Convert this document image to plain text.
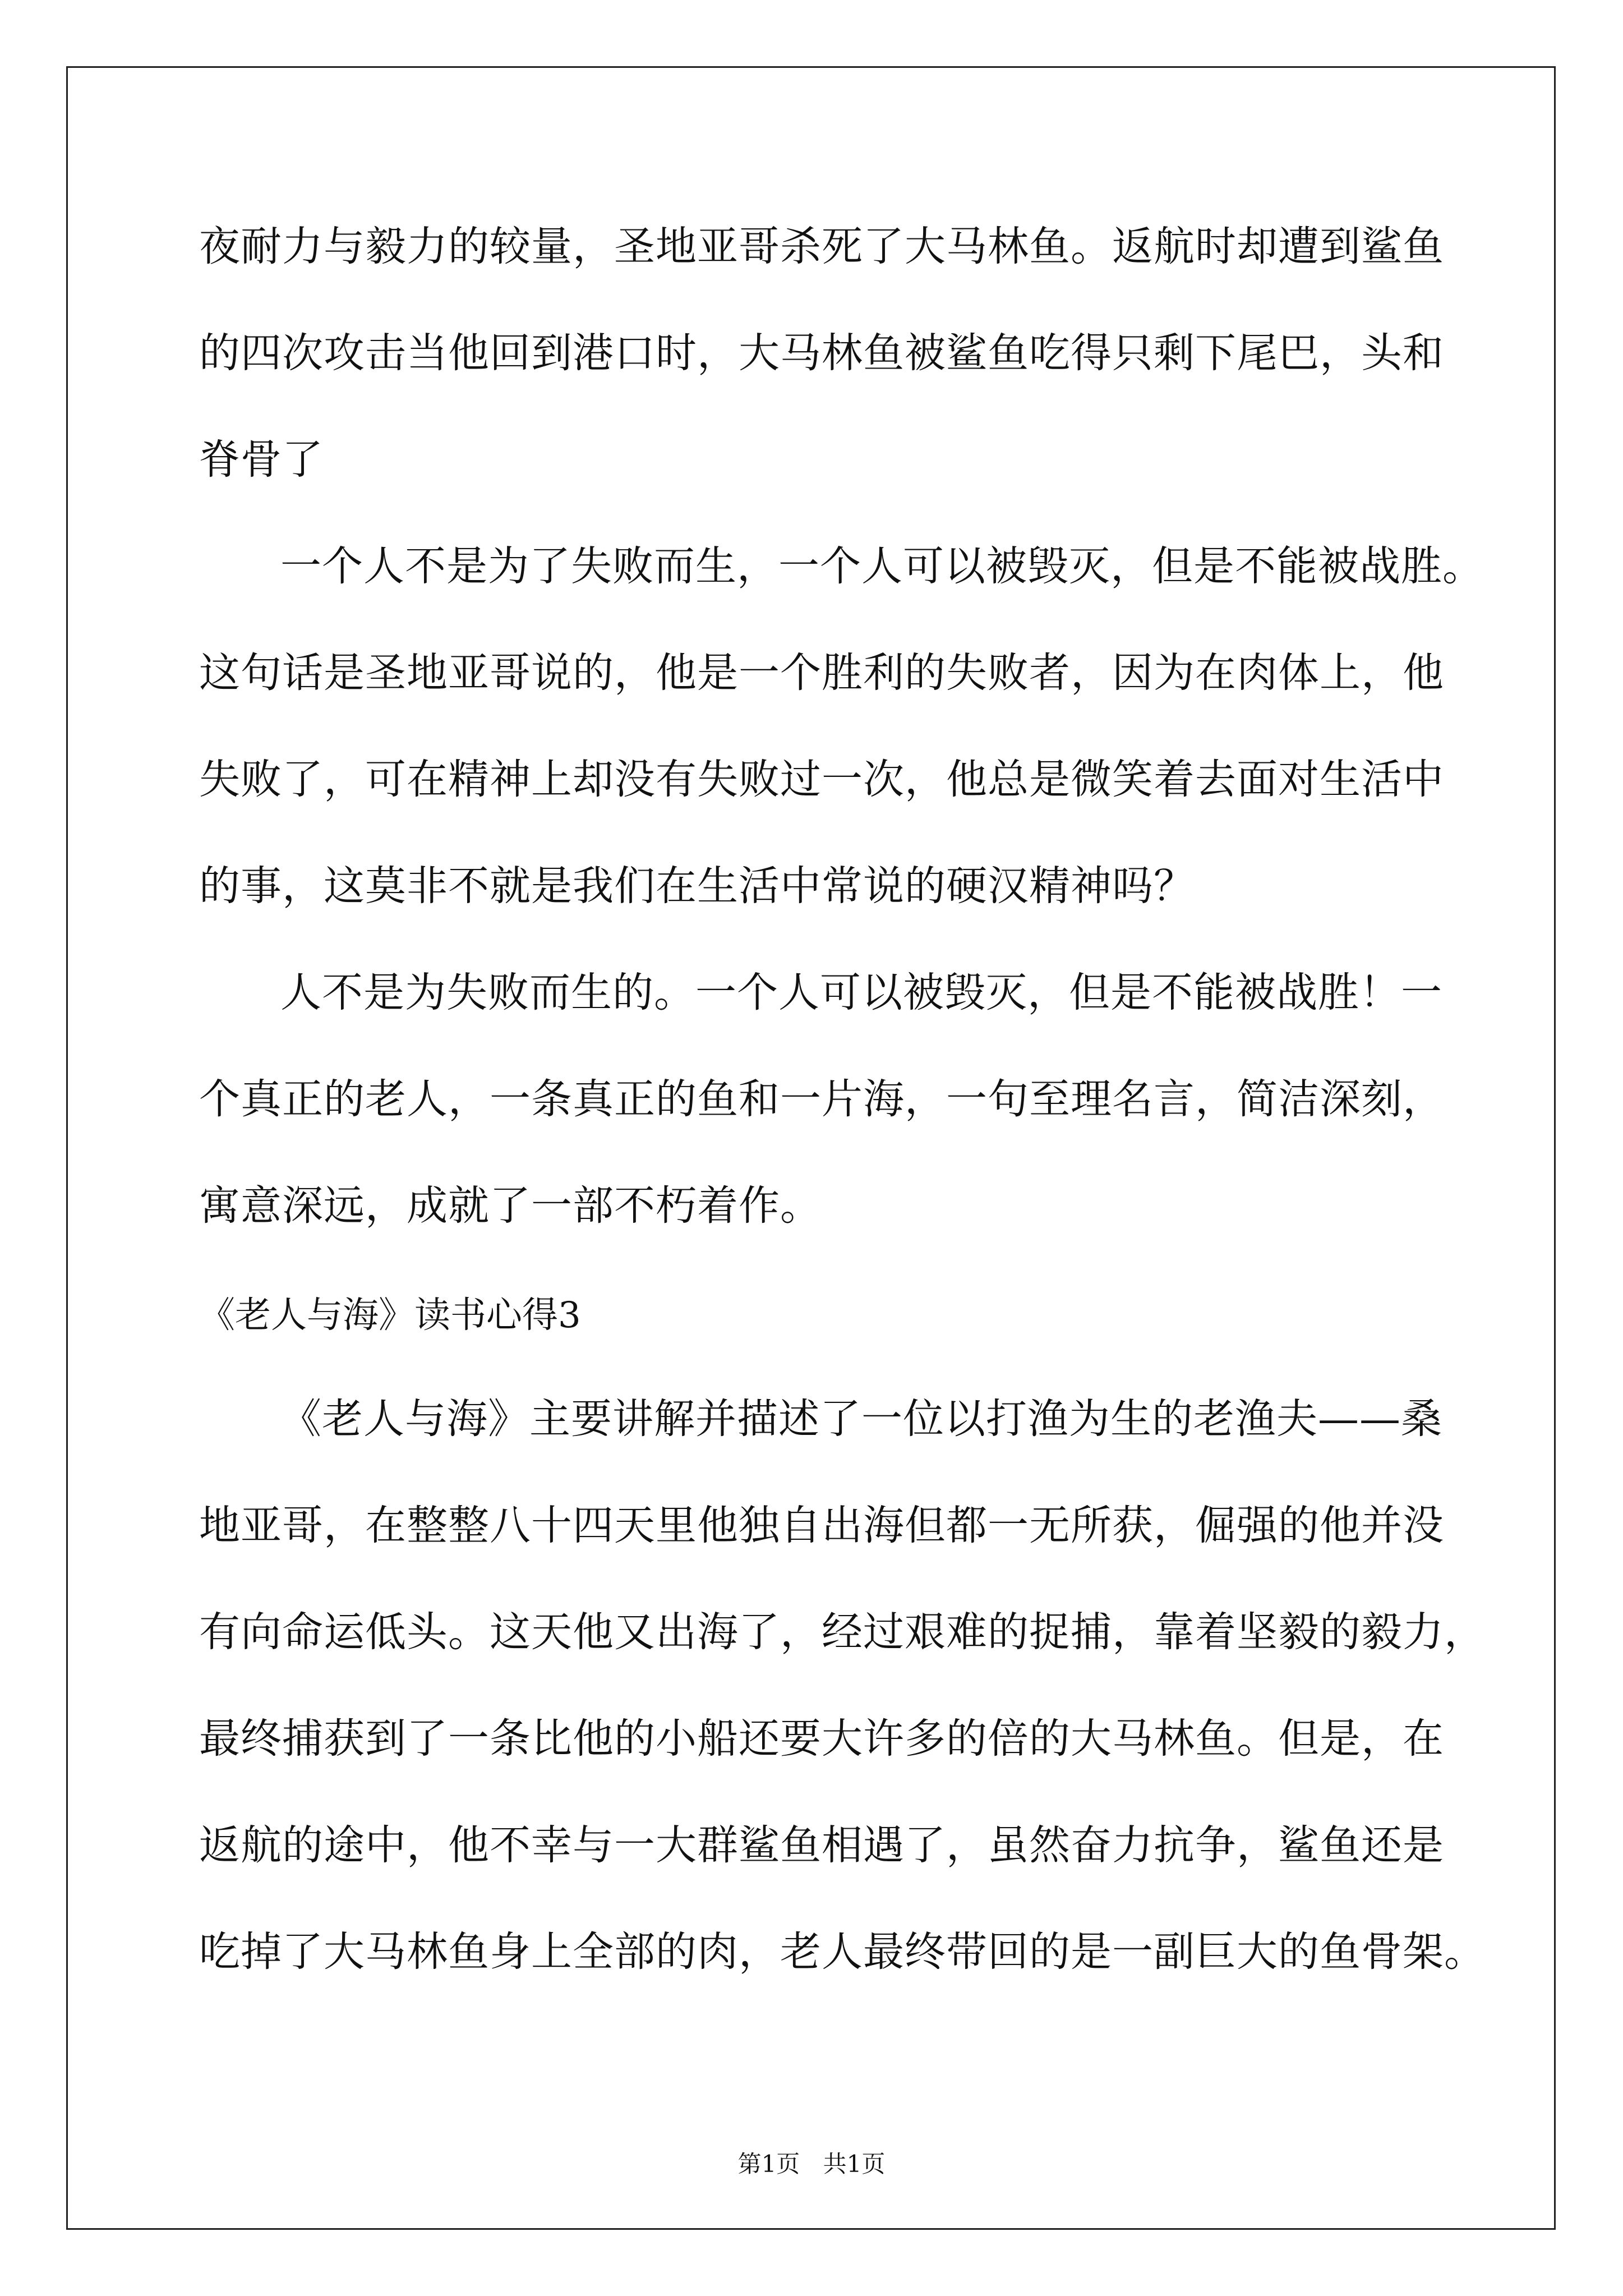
夜耐力与毅力的较量，圣地亚哥杀死了大马林鱼。返航时却遭到鲨鱼
的四次攻击当他回到港口时，大马林鱼被鲨鱼吃得只剩下尾巴，头和
脊骨了
一个人不是为了失败而生，一个人可以被毁灭，但是不能被战胜。
这句话是圣地亚哥说的，他是一个胜利的失败者，因为在肉体上，他
失败了，可在精神上却没有失败过一次，他总是微笑着去面对生活中
的事，这莫非不就是我们在生活中常说的硬汉精神吗？
人不是为失败而生的。一个人可以被毁灭，但是不能被战胜！一
个真正的老人，一条真正的鱼和一片海，一句至理名言，简洁深刻，
寓意深远，成就了一部不朽着作。
《老人与海》读书心得3
《老人与海》主要讲解并描述了一位以打渔为生的老渔夫——桑
地亚哥，在整整八十四天里他独自出海但都一无所获，倔强的他并没
有向命运低头。这天他又出海了，经过艰难的捉捕，靠着坚毅的毅力，
最终捕获到了一条比他的小船还要大许多的倍的大马林鱼。但是，在
返航的途中，他不幸与一大群鲨鱼相遇了，虽然奋力抗争，鲨鱼还是
吃掉了大马林鱼身上全部的肉，老人最终带回的是一副巨大的鱼骨架。
第1页 共1页
